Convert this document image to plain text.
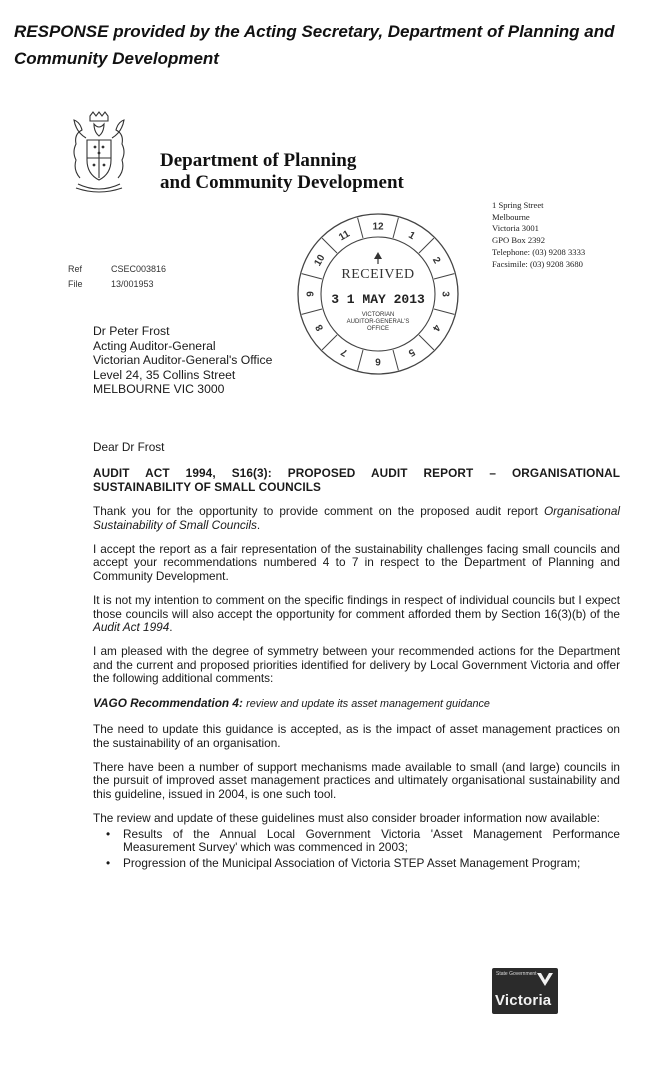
RESPONSE provided by the Acting Secretary, Department of Planning and Community Development
Department of Planning
and Community Development
1 Spring Street
Melbourne
Victoria 3001
GPO Box 2392
Telephone: (03) 9208 3333
Facsimile: (03) 9208 3680
Ref	CSEC003816
File	13/001953
10
11
12
1
2
3
4
5
6
7
8
9
RECEIVED
3 1 MAY 2013
VICTORIAN
AUDITOR-GENERAL'S
OFFICE
Dr Peter Frost
Acting Auditor-General
Victorian Auditor-General's Office
Level 24, 35 Collins Street
MELBOURNE VIC 3000

Dear Dr Frost

AUDIT ACT 1994, S16(3): PROPOSED AUDIT REPORT – ORGANISATIONAL SUSTAINABILITY OF SMALL COUNCILS

Thank you for the opportunity to provide comment on the proposed audit report Organisational Sustainability of Small Councils.

I accept the report as a fair representation of the sustainability challenges facing small councils and accept your recommendations numbered 4 to 7 in respect to the Department of Planning and Community Development.

It is not my intention to comment on the specific findings in respect of individual councils but I expect those councils will also accept the opportunity for comment afforded them by Section 16(3)(b) of the Audit Act 1994.

I am pleased with the degree of symmetry between your recommended actions for the Department and the current and proposed priorities identified for delivery by Local Government Victoria and offer the following additional comments:

VAGO Recommendation 4: review and update its asset management guidance

The need to update this guidance is accepted, as is the impact of asset management practices on the sustainability of an organisation.

There have been a number of support mechanisms made available to small (and large) councils in the pursuit of improved asset management practices and ultimately organisational sustainability and this guideline, issued in 2004, is one such tool.

The review and update of these guidelines must also consider broader information now available:

• Results of the Annual Local Government Victoria 'Asset Management Performance Measurement Survey' which was commenced in 2003;
• Progression of the Municipal Association of Victoria STEP Asset Management Program;
State Government
Victoria
